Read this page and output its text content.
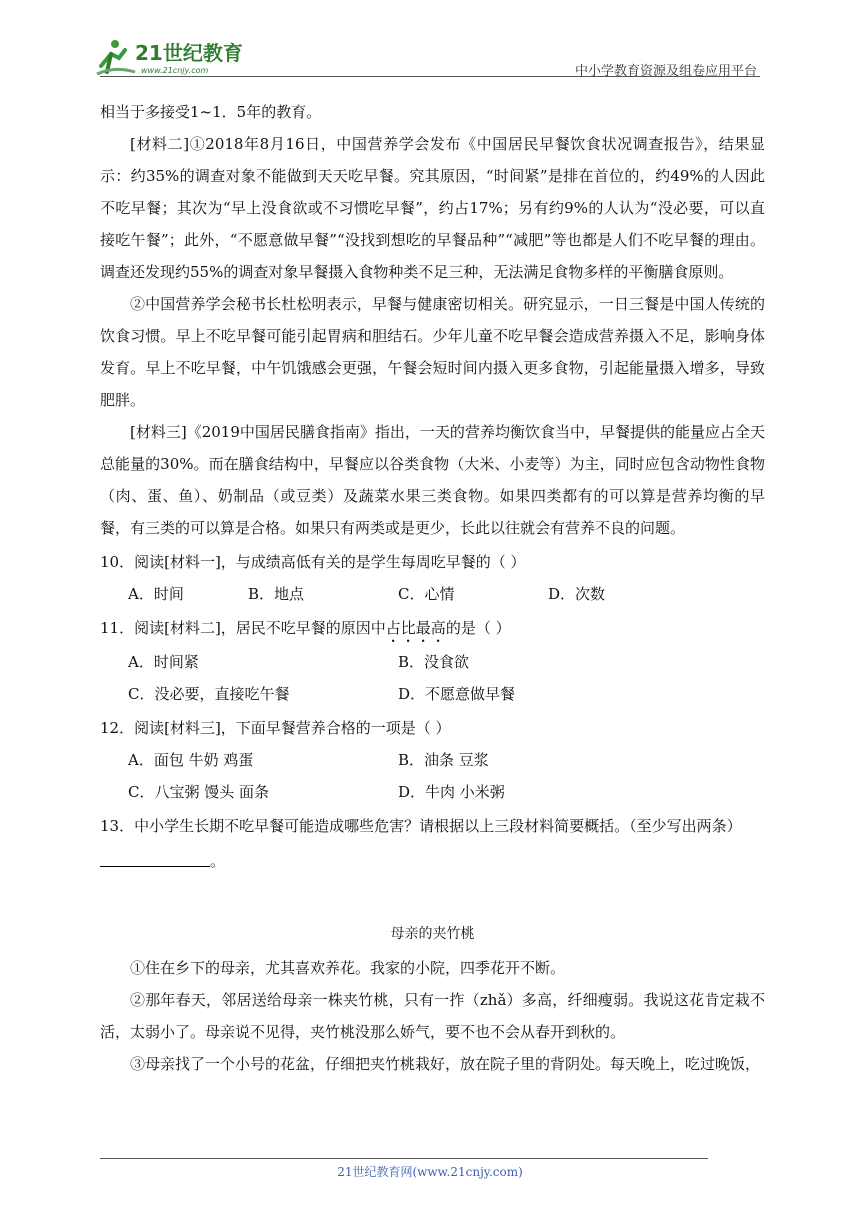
21世纪教育
www.21cnjy.com	中小学教育资源及组卷应用平台

相当于多接受1~1．5年的教育。

[材料二]①2018年8月16日，中国营养学会发布《中国居民早餐饮食状况调查报告》，结果显示：约35%的调查对象不能做到天天吃早餐。究其原因，“时间紧”是排在首位的，约49%的人因此不吃早餐；其次为“早上没食欲或不习惯吃早餐”，约占17%；另有约9%的人认为“没必要，可以直接吃午餐”；此外，“不愿意做早餐”“没找到想吃的早餐品种”“减肥”等也都是人们不吃早餐的理由。调查还发现约55%的调查对象早餐摄入食物种类不足三种，无法满足食物多样的平衡膳食原则。

②中国营养学会秘书长杜松明表示，早餐与健康密切相关。研究显示，一日三餐是中国人传统的饮食习惯。早上不吃早餐可能引起胃病和胆结石。少年儿童不吃早餐会造成营养摄入不足，影响身体发育。早上不吃早餐，中午饥饿感会更强，午餐会短时间内摄入更多食物，引起能量摄入增多，导致肥胖。

[材料三]《2019中国居民膳食指南》指出，一天的营养均衡饮食当中，早餐提供的能量应占全天总能量的30%。而在膳食结构中，早餐应以谷类食物（大米、小麦等）为主，同时应包含动物性食物（肉、蛋、鱼）、奶制品（或豆类）及蔬菜水果三类食物。如果四类都有的可以算是营养均衡的早餐，有三类的可以算是合格。如果只有两类或是更少，长此以往就会有营养不良的问题。

10．阅读[材料一]，与成绩高低有关的是学生每周吃早餐的（ ）
A．时间	B．地点	C．心情	D．次数
11．阅读[材料二]，居民不吃早餐的原因中占比最高的是（ ）
A．时间紧	B．没食欲
C．没必要，直接吃午餐	D．不愿意做早餐
12．阅读[材料三]，下面早餐营养合格的一项是（ ）
A．面包 牛奶 鸡蛋	B．油条 豆浆
C．八宝粥 馒头 面条	D．牛肉 小米粥
13．中小学生长期不吃早餐可能造成哪些危害？请根据以上三段材料简要概括。（至少写出两条）
。
母亲的夹竹桃

①住在乡下的母亲，尤其喜欢养花。我家的小院，四季花开不断。

②那年春天，邻居送给母亲一株夹竹桃，只有一拃（zhǎ）多高，纤细瘦弱。我说这花肯定栽不活，太弱小了。母亲说不见得，夹竹桃没那么娇气，要不也不会从春开到秋的。

③母亲找了一个小号的花盆，仔细把夹竹桃栽好，放在院子里的背阴处。每天晚上，吃过晚饭，

21世纪教育网(www.21cnjy.com)
